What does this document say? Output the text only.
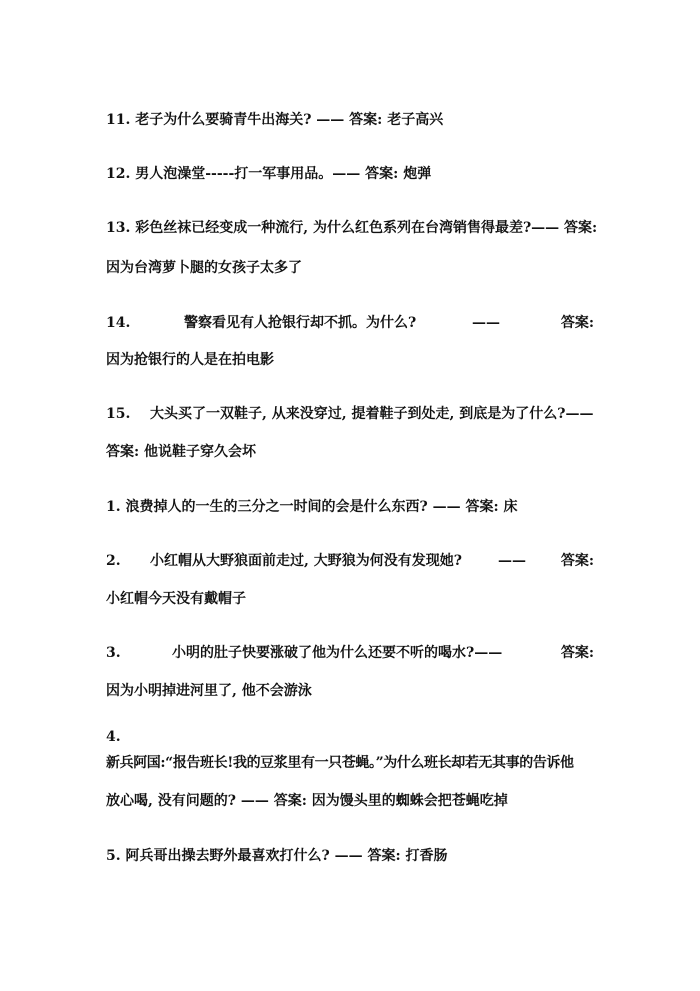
11. 老子为什么要骑青牛出海关? —— 答案: 老子高兴
12. 男人泡澡堂-----打一军事用品。—— 答案: 炮弹
13. 彩色丝袜已经变成一种流行, 为什么红色系列在台湾销售得最差?—— 答案:
因为台湾萝卜腿的女孩子太多了
14.	警察看见有人抢银行却不抓。为什么?	——	答案:
因为抢银行的人是在拍电影
15. 大头买了一双鞋子, 从来没穿过, 提着鞋子到处走, 到底是为了什么?——
答案: 他说鞋子穿久会坏
1. 浪费掉人的一生的三分之一时间的会是什么东西? —— 答案: 床
2. 小红帽从大野狼面前走过, 大野狼为何没有发现她?	—— 答案:
小红帽今天没有戴帽子
3.	小明的肚子快要涨破了他为什么还要不听的喝水?——	答案:
因为小明掉进河里了, 他不会游泳
4.
新兵阿国:“报告班长!我的豆浆里有一只苍蝇。”为什么班长却若无其事的告诉他
放心喝, 没有问题的? —— 答案: 因为馒头里的蜘蛛会把苍蝇吃掉
5. 阿兵哥出操去野外最喜欢打什么? —— 答案: 打香肠
